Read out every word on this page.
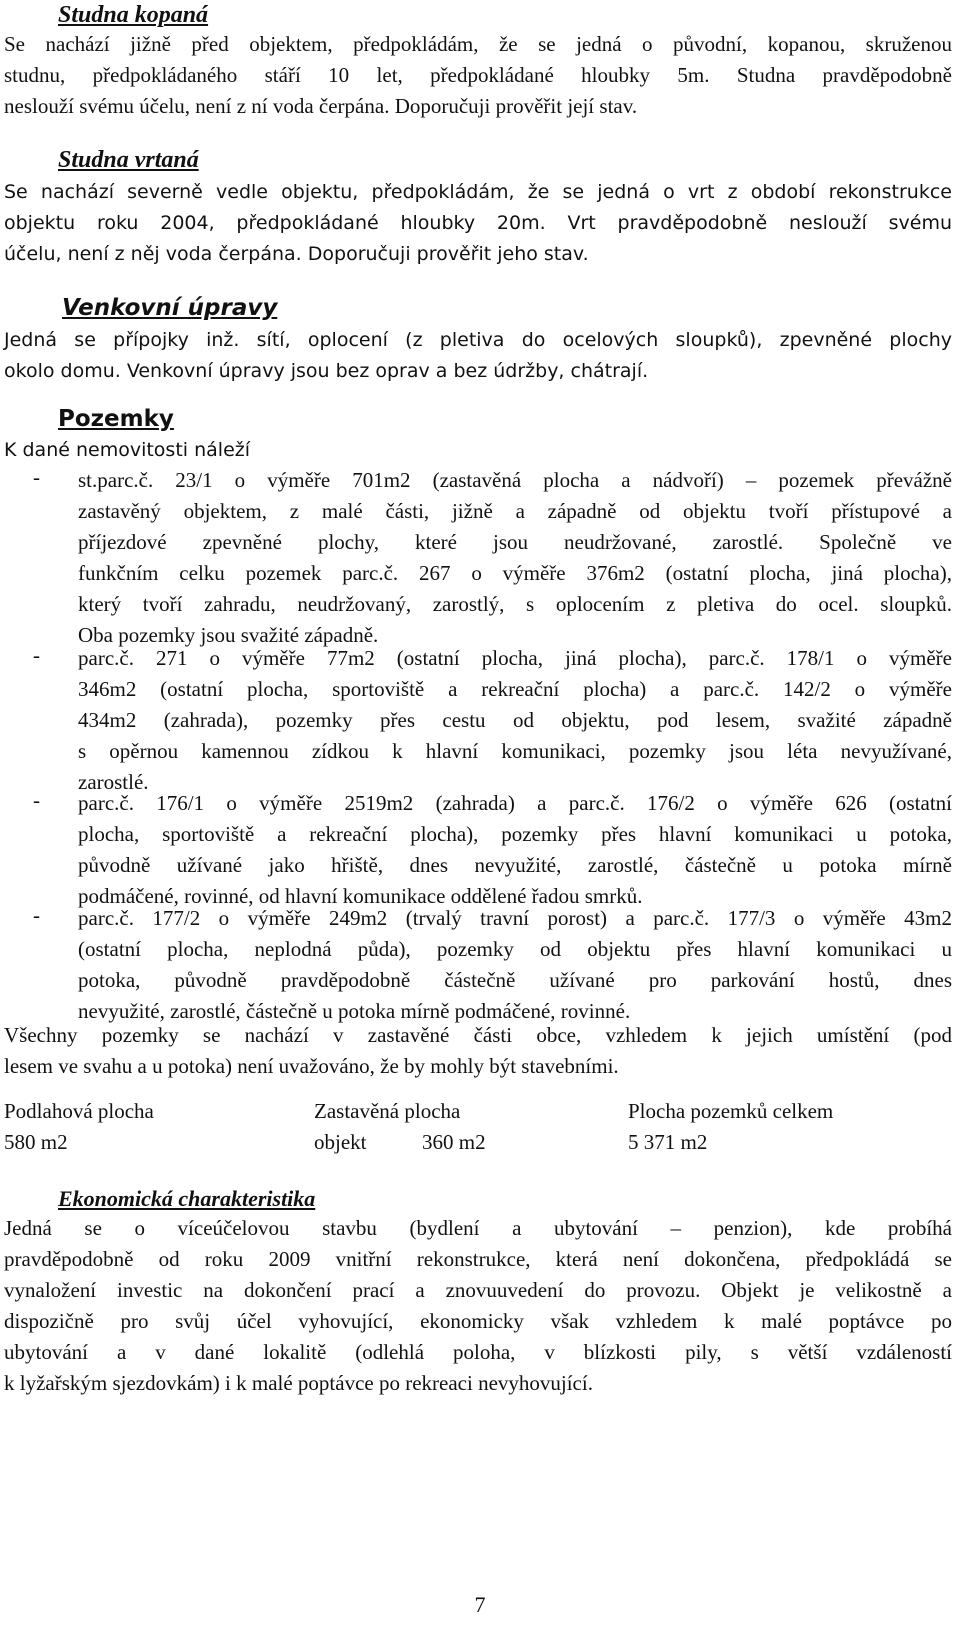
Studna kopaná
Se nachází jižně před objektem, předpokládám, že se jedná o původní, kopanou, skruženou
studnu, předpokládaného stáří 10 let, předpokládané hloubky 5m. Studna pravděpodobně
neslouží svému účelu, není z ní voda čerpána. Doporučuji prověřit její stav.
Studna vrtaná
Se nachází severně vedle objektu, předpokládám, že se jedná o vrt z období rekonstrukce
objektu roku 2004, předpokládané hloubky 20m. Vrt pravděpodobně neslouží svému
účelu, není z něj voda čerpána. Doporučuji prověřit jeho stav.
Venkovní úpravy
Jedná se přípojky inž. sítí, oplocení (z pletiva do ocelových sloupků), zpevněné plochy
okolo domu. Venkovní úpravy jsou bez oprav a bez údržby, chátrají.
Pozemky
K dané nemovitosti náleží
- st.parc.č. 23/1 o výměře 701m2 (zastavěná plocha a nádvoří) – pozemek převážně
zastavěný objektem, z malé části, jižně a západně od objektu tvoří přístupové a
příjezdové zpevněné plochy, které jsou neudržované, zarostlé. Společně ve
funkčním celku pozemek parc.č. 267 o výměře 376m2 (ostatní plocha, jiná plocha),
který tvoří zahradu, neudržovaný, zarostlý, s oplocením z pletiva do ocel. sloupků.
Oba pozemky jsou svažité západně.
- parc.č. 271 o výměře 77m2 (ostatní plocha, jiná plocha), parc.č. 178/1 o výměře
346m2 (ostatní plocha, sportoviště a rekreační plocha) a parc.č. 142/2 o výměře
434m2 (zahrada), pozemky přes cestu od objektu, pod lesem, svažité západně
s opěrnou kamennou zídkou k hlavní komunikaci, pozemky jsou léta nevyužívané,
zarostlé.
- parc.č. 176/1 o výměře 2519m2 (zahrada) a parc.č. 176/2 o výměře 626 (ostatní
plocha, sportoviště a rekreační plocha), pozemky přes hlavní komunikaci u potoka,
původně užívané jako hřiště, dnes nevyužité, zarostlé, částečně u potoka mírně
podmáčené, rovinné, od hlavní komunikace oddělené řadou smrků.
- parc.č. 177/2 o výměře 249m2 (trvalý travní porost) a parc.č. 177/3 o výměře 43m2
(ostatní plocha, neplodná půda), pozemky od objektu přes hlavní komunikaci u
potoka, původně pravděpodobně částečně užívané pro parkování hostů, dnes
nevyužité, zarostlé, částečně u potoka mírně podmáčené, rovinné.
Všechny pozemky se nachází v zastavěné části obce, vzhledem k jejich umístění (pod
lesem ve svahu a u potoka) není uvažováno, že by mohly být stavebními.
Podlahová plocha
580 m2
Zastavěná plocha
objekt	360 m2
Plocha pozemků celkem
5 371 m2
Ekonomická charakteristika
Jedná se o víceúčelovou stavbu (bydlení a ubytování – penzion), kde probíhá
pravděpodobně od roku 2009 vnitřní rekonstrukce, která není dokončena, předpokládá se
vynaložení investic na dokončení prací a znovuuvedení do provozu. Objekt je velikostně a
dispozičně pro svůj účel vyhovující, ekonomicky však vzhledem k malé poptávce po
ubytování a v dané lokalitě (odlehlá poloha, v blízkosti pily, s větší vzdáleností
k lyžařským sjezdovkám) i k malé poptávce po rekreaci nevyhovující.
7
